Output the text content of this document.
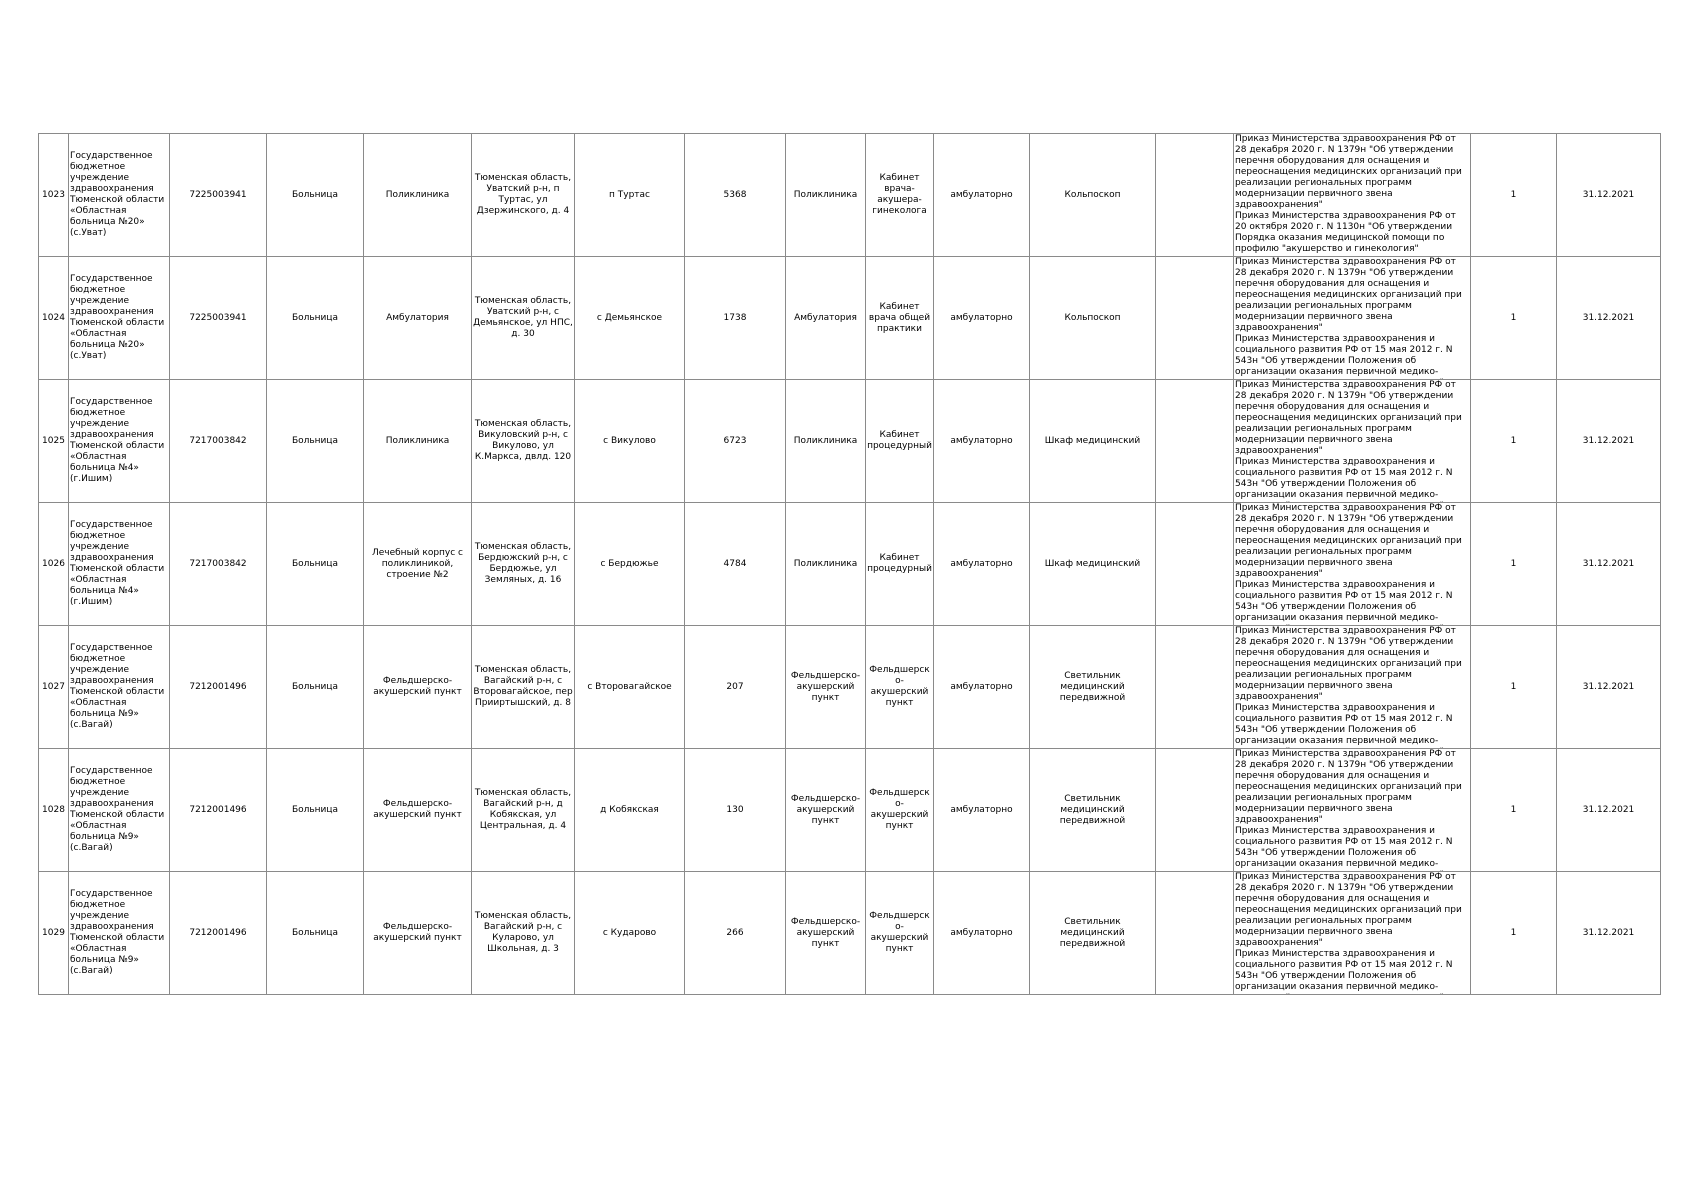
1023	Государственное бюджетное учреждение здравоохранения Тюменской области «Областная больница №20» (с.Уват)	7225003941	Больница	Поликлиника	Тюменская область, Уватский р-н, п Туртас, ул Дзержинского, д. 4	п Туртас	5368	Поликлиника	Кабинет врача-акушера-гинеколога	амбулаторно	Кольпоскоп		Приказ Министерства здравоохранения РФ от 28 декабря 2020 г. N 1379н "Об утверждении перечня оборудования для оснащения и переоснащения медицинских организаций при реализации региональных программ модернизации первичного звена здравоохранения"
Приказ Министерства здравоохранения РФ от 20 октября 2020 г. N 1130н "Об утверждении Порядка оказания медицинской помощи по профилю "акушерство и гинекология"	1	31.12.2021
1024	Государственное бюджетное учреждение здравоохранения Тюменской области «Областная больница №20» (с.Уват)	7225003941	Больница	Амбулатория	Тюменская область, Уватский р-н, с Демьянское, ул НПС, д. 30	с Демьянское	1738	Амбулатория	Кабинет врача общей практики	амбулаторно	Кольпоскоп		Приказ Министерства здравоохранения РФ от 28 декабря 2020 г. N 1379н "Об утверждении перечня оборудования для оснащения и переоснащения медицинских организаций при реализации региональных программ модернизации первичного звена здравоохранения"
Приказ Министерства здравоохранения и социального развития РФ от 15 мая 2012 г. N 543н "Об утверждении Положения об организации оказания первичной медико-	1	31.12.2021
1025	Государственное бюджетное учреждение здравоохранения Тюменской области «Областная больница №4» (г.Ишим)	7217003842	Больница	Поликлиника	Тюменская область, Викуловский р-н, с Викулово, ул К.Маркса, двлд. 120	с Викулово	6723	Поликлиника	Кабинет процедурный	амбулаторно	Шкаф медицинский		Приказ Министерства здравоохранения РФ от 28 декабря 2020 г. N 1379н "Об утверждении перечня оборудования для оснащения и переоснащения медицинских организаций при реализации региональных программ модернизации первичного звена здравоохранения"
Приказ Министерства здравоохранения и социального развития РФ от 15 мая 2012 г. N 543н "Об утверждении Положения об организации оказания первичной медико-	1	31.12.2021
1026	Государственное бюджетное учреждение здравоохранения Тюменской области «Областная больница №4» (г.Ишим)	7217003842	Больница	Лечебный корпус с поликлиникой, строение №2	Тюменская область, Бердюжский р-н, с Бердюжье, ул Земляных, д. 16	с Бердюжье	4784	Поликлиника	Кабинет процедурный	амбулаторно	Шкаф медицинский		Приказ Министерства здравоохранения РФ от 28 декабря 2020 г. N 1379н "Об утверждении перечня оборудования для оснащения и переоснащения медицинских организаций при реализации региональных программ модернизации первичного звена здравоохранения"
Приказ Министерства здравоохранения и социального развития РФ от 15 мая 2012 г. N 543н "Об утверждении Положения об организации оказания первичной медико-	1	31.12.2021
1027	Государственное бюджетное учреждение здравоохранения Тюменской области «Областная больница №9» (с.Вагай)	7212001496	Больница	Фельдшерско-акушерский пункт	Тюменская область, Вагайский р-н, с Второвагайское, пер Прииртышский, д. 8	с Второвагайское	207	Фельдшерско-акушерский пункт	Фельдшерско-акушерский пункт	амбулаторно	Светильник медицинский передвижной		Приказ Министерства здравоохранения РФ от 28 декабря 2020 г. N 1379н "Об утверждении перечня оборудования для оснащения и переоснащения медицинских организаций при реализации региональных программ модернизации первичного звена здравоохранения"
Приказ Министерства здравоохранения и социального развития РФ от 15 мая 2012 г. N 543н "Об утверждении Положения об организации оказания первичной медико-	1	31.12.2021
1028	Государственное бюджетное учреждение здравоохранения Тюменской области «Областная больница №9» (с.Вагай)	7212001496	Больница	Фельдшерско-акушерский пункт	Тюменская область, Вагайский р-н, д Кобякская, ул Центральная, д. 4	д Кобякская	130	Фельдшерско-акушерский пункт	Фельдшерско-акушерский пункт	амбулаторно	Светильник медицинский передвижной		Приказ Министерства здравоохранения РФ от 28 декабря 2020 г. N 1379н "Об утверждении перечня оборудования для оснащения и переоснащения медицинских организаций при реализации региональных программ модернизации первичного звена здравоохранения"
Приказ Министерства здравоохранения и социального развития РФ от 15 мая 2012 г. N 543н "Об утверждении Положения об организации оказания первичной медико-	1	31.12.2021
1029	Государственное бюджетное учреждение здравоохранения Тюменской области «Областная больница №9» (с.Вагай)	7212001496	Больница	Фельдшерско-акушерский пункт	Тюменская область, Вагайский р-н, с Куларово, ул Школьная, д. 3	с Кударово	266	Фельдшерско-акушерский пункт	Фельдшерско-акушерский пункт	амбулаторно	Светильник медицинский передвижной		Приказ Министерства здравоохранения РФ от 28 декабря 2020 г. N 1379н "Об утверждении перечня оборудования для оснащения и переоснащения медицинских организаций при реализации региональных программ модернизации первичного звена здравоохранения"
Приказ Министерства здравоохранения и социального развития РФ от 15 мая 2012 г. N 543н "Об утверждении Положения об организации оказания первичной медико-	1	31.12.2021
